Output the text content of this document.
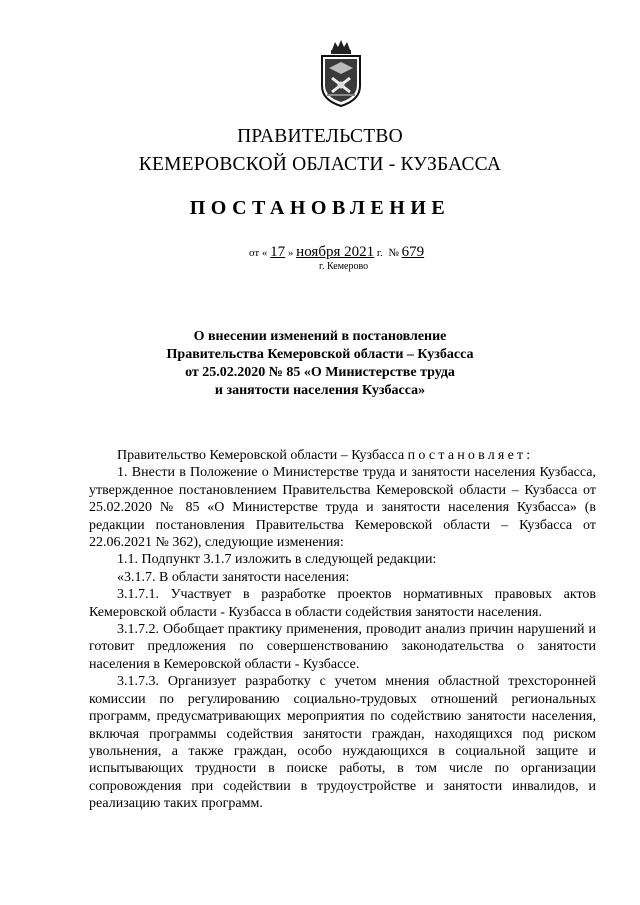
ПРАВИТЕЛЬСТВО
КЕМЕРОВСКОЙ ОБЛАСТИ - КУЗБАССА
ПОСТАНОВЛЕНИЕ
от « 17 » ноября 2021 г. № 679
г. Кемерово
О внесении изменений в постановление
Правительства Кемеровской области – Кузбасса
от 25.02.2020 № 85 «О Министерстве труда
и занятости населения Кузбасса»

Правительство Кемеровской области – Кузбасса постановляет:

1. Внести в Положение о Министерстве труда и занятости населения Кузбасса, утвержденное постановлением Правительства Кемеровской области – Кузбасса от 25.02.2020 № 85 «О Министерстве труда и занятости населения Кузбасса» (в редакции постановления Правительства Кемеровской области – Кузбасса от 22.06.2021 № 362), следующие изменения:

1.1. Подпункт 3.1.7 изложить в следующей редакции:

«3.1.7. В области занятости населения:

3.1.7.1. Участвует в разработке проектов нормативных правовых актов Кемеровской области - Кузбасса в области содействия занятости населения.

3.1.7.2. Обобщает практику применения, проводит анализ причин нарушений и готовит предложения по совершенствованию законодательства о занятости населения в Кемеровской области - Кузбассе.

3.1.7.3. Организует разработку с учетом мнения областной трехсторонней комиссии по регулированию социально-трудовых отношений региональных программ, предусматривающих мероприятия по содействию занятости населения, включая программы содействия занятости граждан, находящихся под риском увольнения, а также граждан, особо нуждающихся в социальной защите и испытывающих трудности в поиске работы, в том числе по организации сопровождения при содействии в трудоустройстве и занятости инвалидов, и реализацию таких программ.
